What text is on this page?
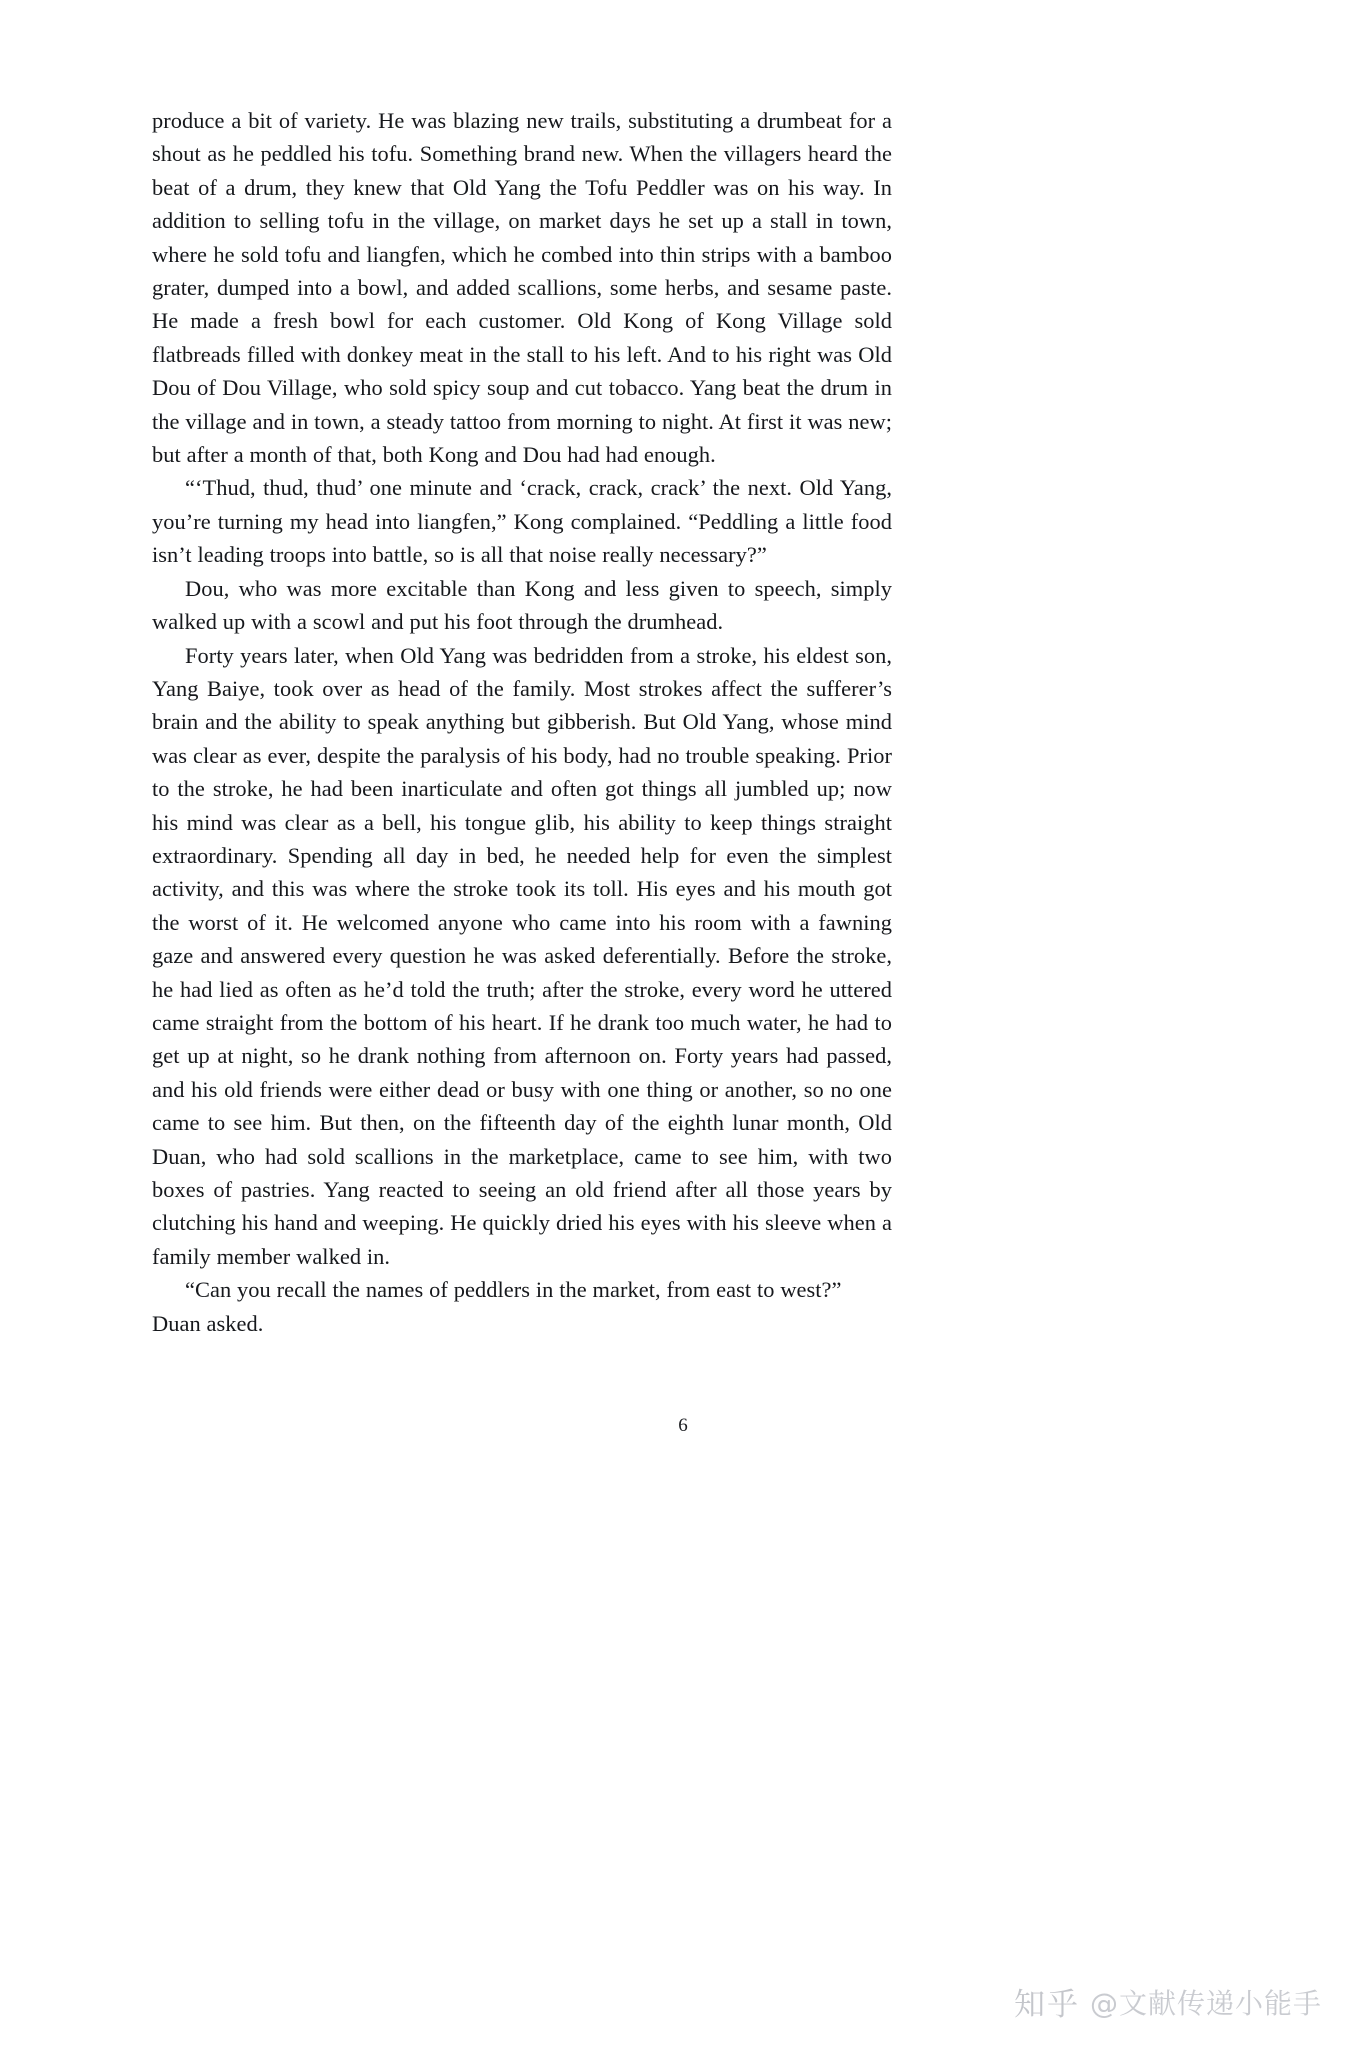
produce a bit of variety. He was blazing new trails, substituting a drumbeat for a shout as he peddled his tofu. Something brand new. When the villagers heard the beat of a drum, they knew that Old Yang the Tofu Peddler was on his way. In addition to selling tofu in the village, on market days he set up a stall in town, where he sold tofu and liangfen, which he combed into thin strips with a bamboo grater, dumped into a bowl, and added scallions, some herbs, and sesame paste. He made a fresh bowl for each customer. Old Kong of Kong Village sold flatbreads filled with donkey meat in the stall to his left. And to his right was Old Dou of Dou Village, who sold spicy soup and cut tobacco. Yang beat the drum in the village and in town, a steady tattoo from morning to night. At first it was new; but after a month of that, both Kong and Dou had had enough.

“‘Thud, thud, thud’ one minute and ‘crack, crack, crack’ the next. Old Yang, you’re turning my head into liangfen,” Kong complained. “Peddling a little food isn’t leading troops into battle, so is all that noise really necessary?”

Dou, who was more excitable than Kong and less given to speech, simply walked up with a scowl and put his foot through the drumhead.

Forty years later, when Old Yang was bedridden from a stroke, his eldest son, Yang Baiye, took over as head of the family. Most strokes affect the sufferer’s brain and the ability to speak anything but gibberish. But Old Yang, whose mind was clear as ever, despite the paralysis of his body, had no trouble speaking. Prior to the stroke, he had been inarticulate and often got things all jumbled up; now his mind was clear as a bell, his tongue glib, his ability to keep things straight extraordinary. Spending all day in bed, he needed help for even the simplest activity, and this was where the stroke took its toll. His eyes and his mouth got the worst of it. He welcomed anyone who came into his room with a fawning gaze and answered every question he was asked deferentially. Before the stroke, he had lied as often as he’d told the truth; after the stroke, every word he uttered came straight from the bottom of his heart. If he drank too much water, he had to get up at night, so he drank nothing from afternoon on. Forty years had passed, and his old friends were either dead or busy with one thing or another, so no one came to see him. But then, on the fifteenth day of the eighth lunar month, Old Duan, who had sold scallions in the marketplace, came to see him, with two boxes of pastries. Yang reacted to seeing an old friend after all those years by clutching his hand and weeping. He quickly dried his eyes with his sleeve when a family member walked in.

“Can you recall the names of peddlers in the market, from east to west?” Duan asked.

6
知乎 @文献传递小能手
